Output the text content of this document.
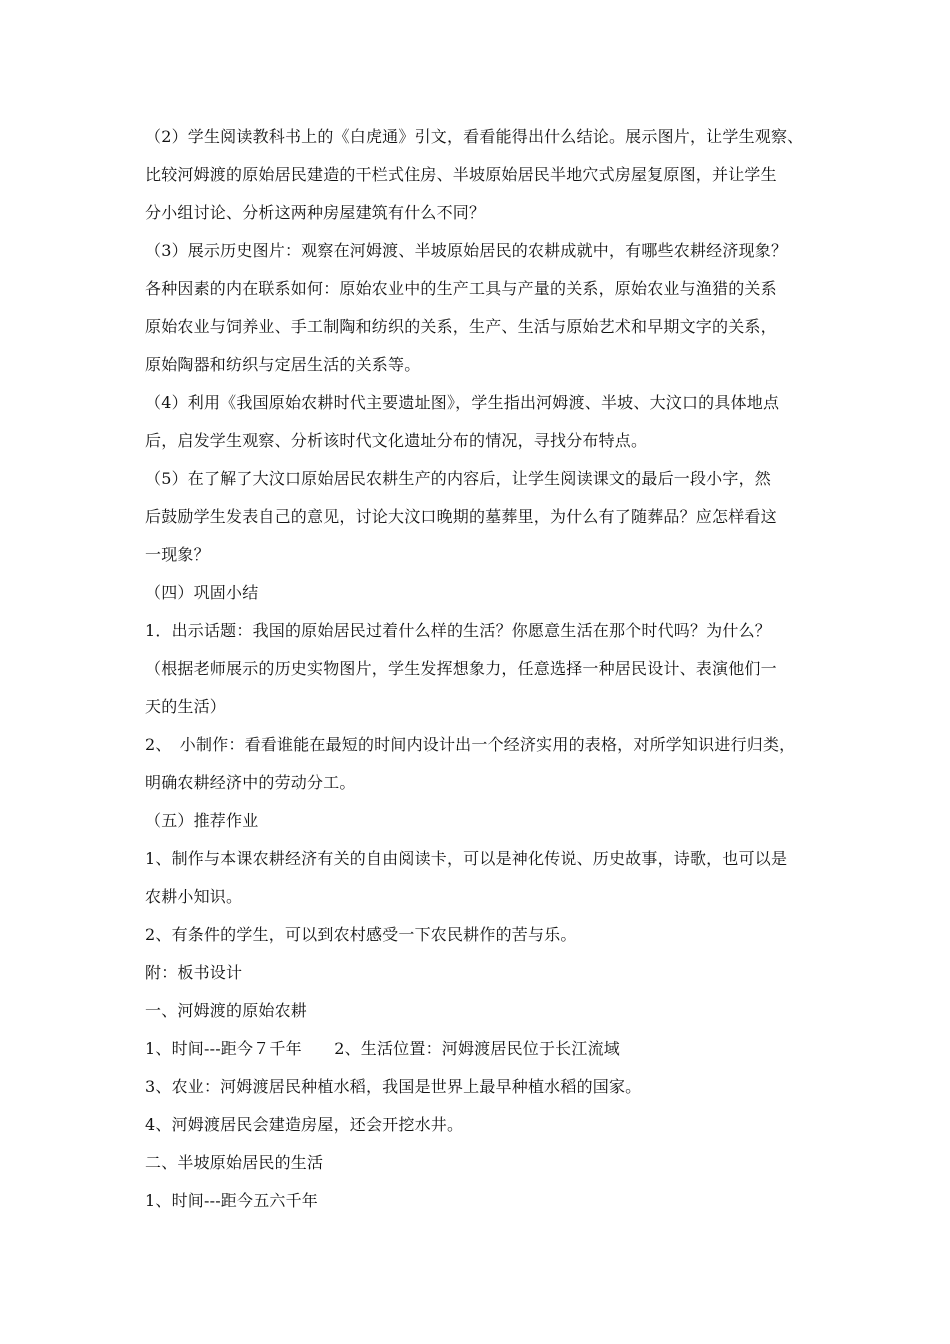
（2）学生阅读教科书上的《白虎通》引文，看看能得出什么结论。展示图片，让学生观察、
比较河姆渡的原始居民建造的干栏式住房、半坡原始居民半地穴式房屋复原图，并让学生
分小组讨论、分析这两种房屋建筑有什么不同？
（3）展示历史图片：观察在河姆渡、半坡原始居民的农耕成就中，有哪些农耕经济现象？
各种因素的内在联系如何：原始农业中的生产工具与产量的关系，原始农业与渔猎的关系
原始农业与饲养业、手工制陶和纺织的关系，生产、生活与原始艺术和早期文字的关系，
原始陶器和纺织与定居生活的关系等。
（4）利用《我国原始农耕时代主要遗址图》，学生指出河姆渡、半坡、大汶口的具体地点
后，启发学生观察、分析该时代文化遗址分布的情况，寻找分布特点。
（5）在了解了大汶口原始居民农耕生产的内容后，让学生阅读课文的最后一段小字，然
后鼓励学生发表自己的意见，讨论大汶口晚期的墓葬里，为什么有了随葬品？应怎样看这
一现象？
（四）巩固小结
1．出示话题：我国的原始居民过着什么样的生活？你愿意生活在那个时代吗？为什么？
（根据老师展示的历史实物图片，学生发挥想象力，任意选择一种居民设计、表演他们一
天的生活）
2、　小制作：看看谁能在最短的时间内设计出一个经济实用的表格，对所学知识进行归类，
明确农耕经济中的劳动分工。
（五）推荐作业
1、制作与本课农耕经济有关的自由阅读卡，可以是神化传说、历史故事，诗歌，也可以是
农耕小知识。
2、有条件的学生，可以到农村感受一下农民耕作的苦与乐。
附：板书设计
一、河姆渡的原始农耕
1、时间---距今７千年　　2、生活位置：河姆渡居民位于长江流域
3、农业：河姆渡居民种植水稻，我国是世界上最早种植水稻的国家。
4、河姆渡居民会建造房屋，还会开挖水井。
二、半坡原始居民的生活
1、时间---距今五六千年
